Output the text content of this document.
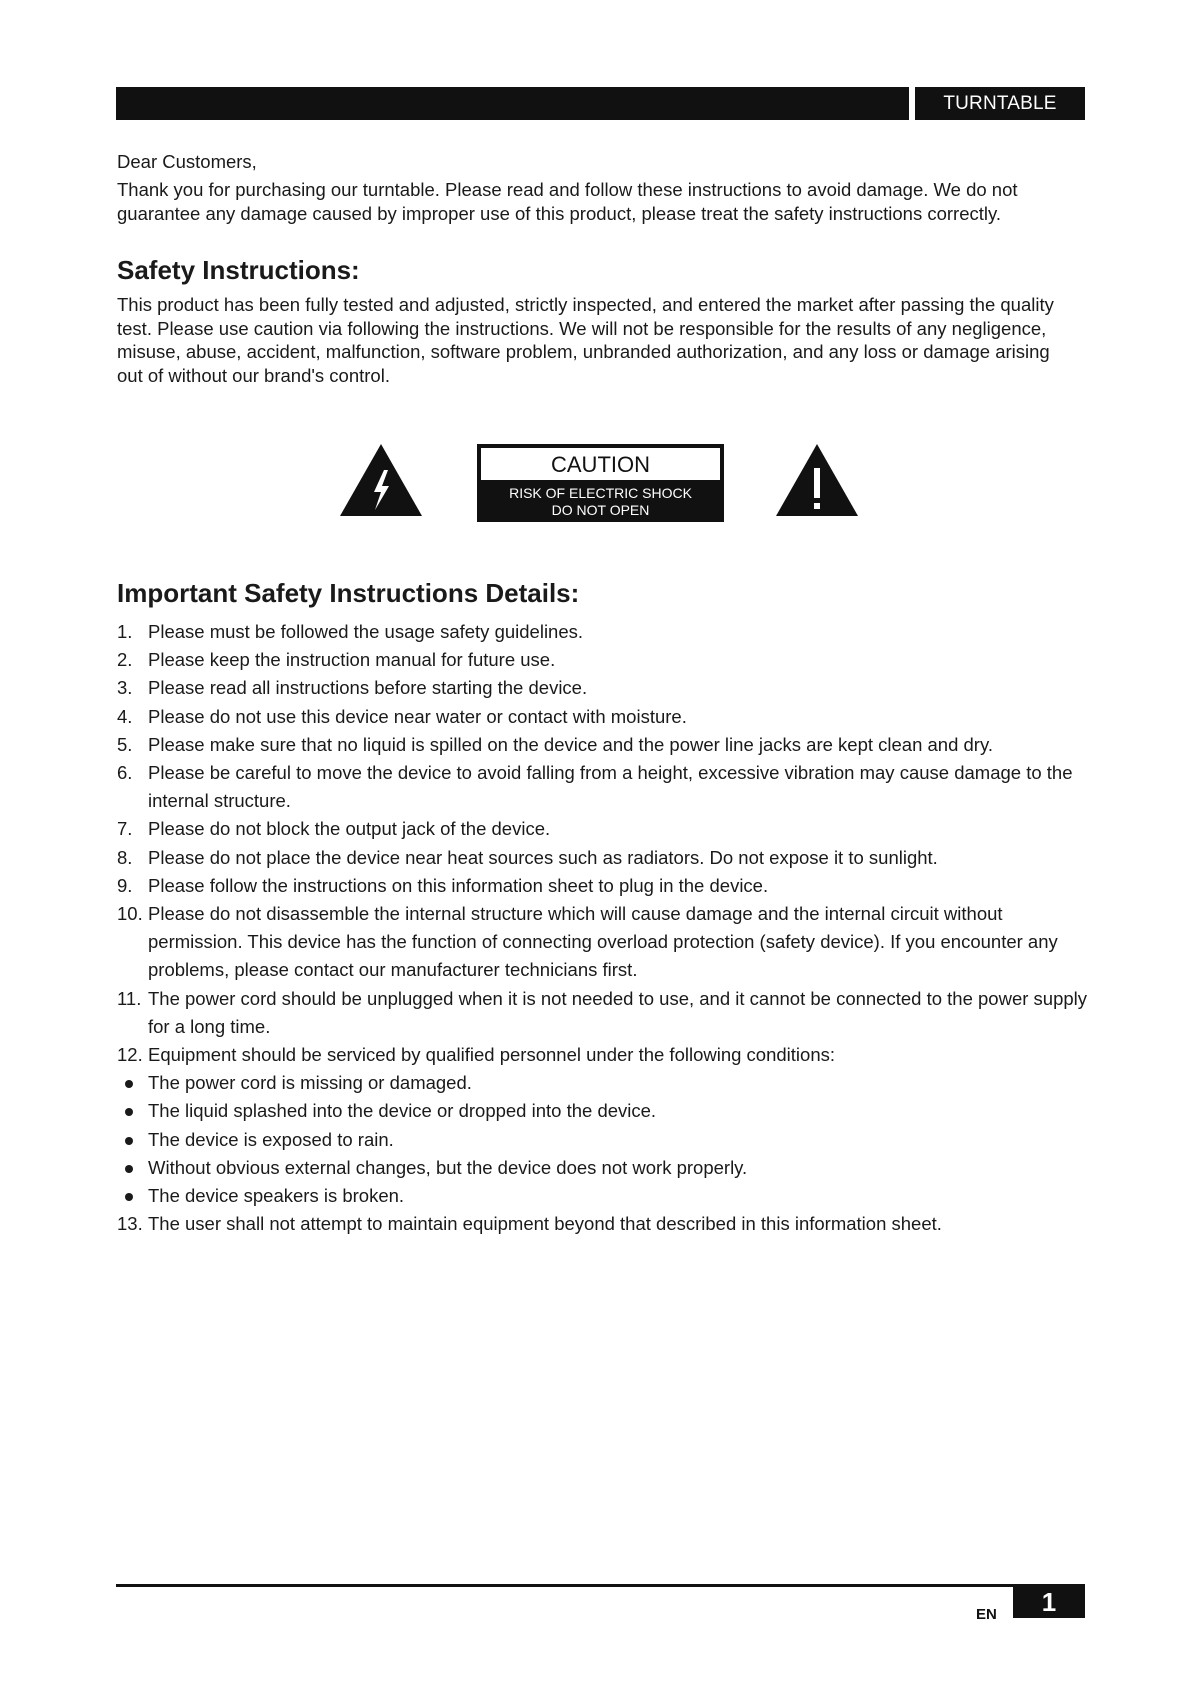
TURNTABLE

Dear Customers,

Thank you for purchasing our turntable. Please read and follow these instructions to avoid damage. We do not guarantee any damage caused by improper use of this product, please treat the safety instructions correctly.

Safety Instructions:

This product has been fully tested and adjusted, strictly inspected, and entered the market after passing the quality test. Please use caution via following the instructions. We will not be responsible for the results of any negligence, misuse, abuse, accident, malfunction, software problem, unbranded authorization, and any loss or damage arising out of without our brand's control.

CAUTION
RISK OF ELECTRIC SHOCK
DO NOT OPEN
Important Safety Instructions Details:
1. Please must be followed the usage safety guidelines.
2. Please keep the instruction manual for future use.
3. Please read all instructions before starting the device.
4. Please do not use this device near water or contact with moisture.
5. Please make sure that no liquid is spilled on the device and the power line jacks are kept clean and dry.
6. Please be careful to move the device to avoid falling from a height, excessive vibration may cause damage to the internal structure.
7. Please do not block the output jack of the device.
8. Please do not place the device near heat sources such as radiators. Do not expose it to sunlight.
9. Please follow the instructions on this information sheet to plug in the device.
10. Please do not disassemble the internal structure which will cause damage and the internal circuit without permission. This device has the function of connecting overload protection (safety device). If you encounter any problems, please contact our manufacturer technicians first.
11. The power cord should be unplugged when it is not needed to use, and it cannot be connected to the power supply for a long time.
12. Equipment should be serviced by qualified personnel under the following conditions:
The power cord is missing or damaged.
The liquid splashed into the device or dropped into the device.
The device is exposed to rain.
Without obvious external changes, but the device does not work properly.
The device speakers is broken.
13. The user shall not attempt to maintain equipment beyond that described in this information sheet.
EN	1
